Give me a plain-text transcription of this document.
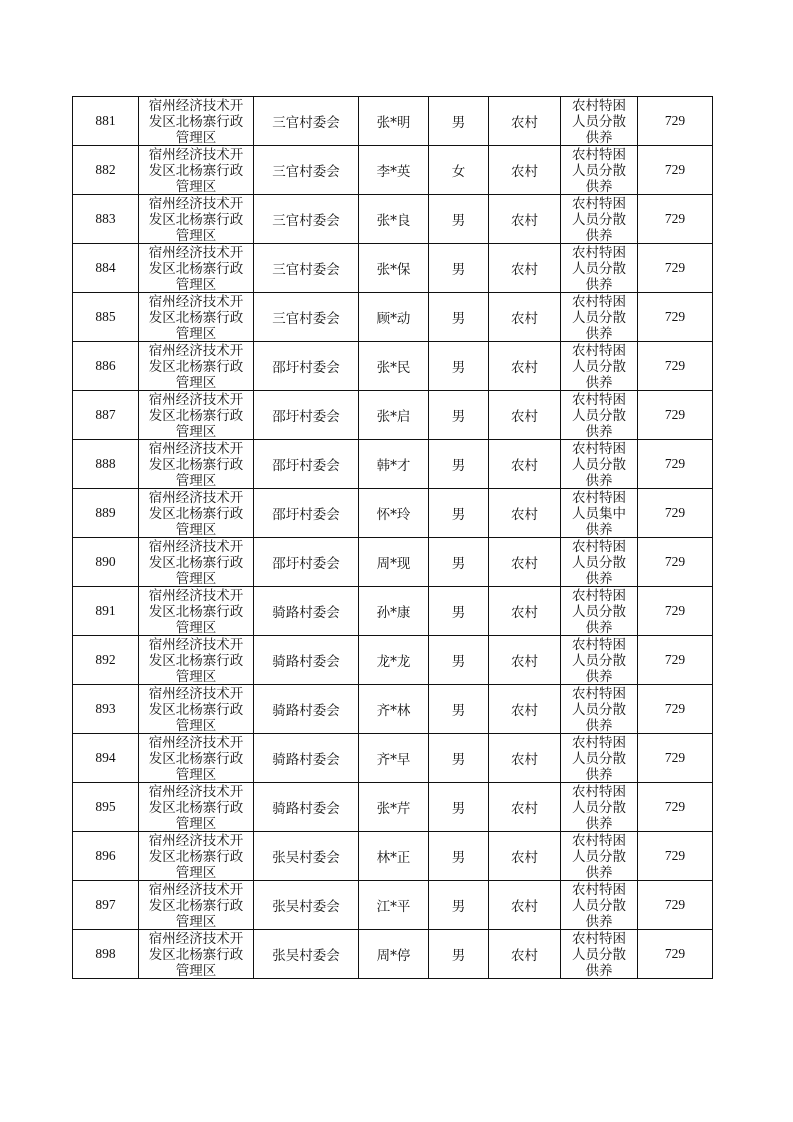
881	宿州经济技术开
发区北杨寨行政
管理区	三官村委会	张*明	男	农村	农村特困
人员分散
供养	729
882	宿州经济技术开
发区北杨寨行政
管理区	三官村委会	李*英	女	农村	农村特困
人员分散
供养	729
883	宿州经济技术开
发区北杨寨行政
管理区	三官村委会	张*良	男	农村	农村特困
人员分散
供养	729
884	宿州经济技术开
发区北杨寨行政
管理区	三官村委会	张*保	男	农村	农村特困
人员分散
供养	729
885	宿州经济技术开
发区北杨寨行政
管理区	三官村委会	顾*动	男	农村	农村特困
人员分散
供养	729
886	宿州经济技术开
发区北杨寨行政
管理区	邵圩村委会	张*民	男	农村	农村特困
人员分散
供养	729
887	宿州经济技术开
发区北杨寨行政
管理区	邵圩村委会	张*启	男	农村	农村特困
人员分散
供养	729
888	宿州经济技术开
发区北杨寨行政
管理区	邵圩村委会	韩*才	男	农村	农村特困
人员分散
供养	729
889	宿州经济技术开
发区北杨寨行政
管理区	邵圩村委会	怀*玲	男	农村	农村特困
人员集中
供养	729
890	宿州经济技术开
发区北杨寨行政
管理区	邵圩村委会	周*现	男	农村	农村特困
人员分散
供养	729
891	宿州经济技术开
发区北杨寨行政
管理区	骑路村委会	孙*康	男	农村	农村特困
人员分散
供养	729
892	宿州经济技术开
发区北杨寨行政
管理区	骑路村委会	龙*龙	男	农村	农村特困
人员分散
供养	729
893	宿州经济技术开
发区北杨寨行政
管理区	骑路村委会	齐*林	男	农村	农村特困
人员分散
供养	729
894	宿州经济技术开
发区北杨寨行政
管理区	骑路村委会	齐*早	男	农村	农村特困
人员分散
供养	729
895	宿州经济技术开
发区北杨寨行政
管理区	骑路村委会	张*芹	男	农村	农村特困
人员分散
供养	729
896	宿州经济技术开
发区北杨寨行政
管理区	张吴村委会	林*正	男	农村	农村特困
人员分散
供养	729
897	宿州经济技术开
发区北杨寨行政
管理区	张吴村委会	江*平	男	农村	农村特困
人员分散
供养	729
898	宿州经济技术开
发区北杨寨行政
管理区	张吴村委会	周*停	男	农村	农村特困
人员分散
供养	729
